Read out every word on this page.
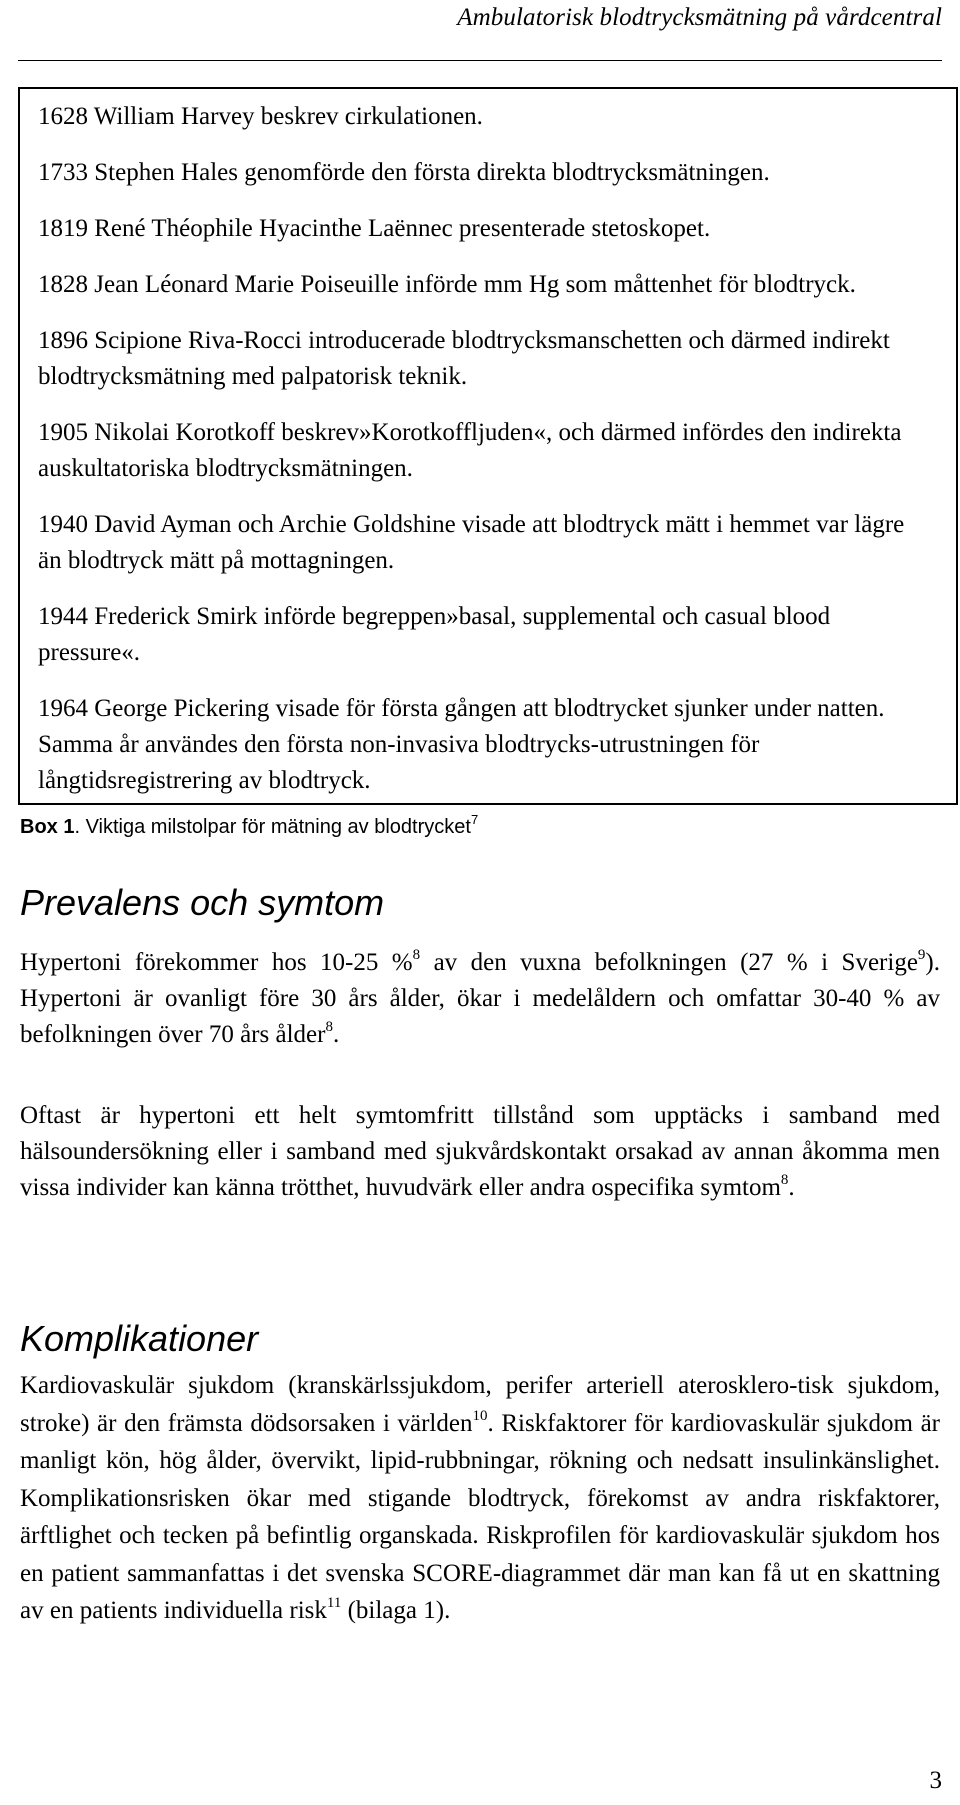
Ambulatorisk blodtrycksmätning på vårdcentral
1628 William Harvey beskrev cirkulationen.
1733 Stephen Hales genomförde den första direkta blodtrycksmätningen.
1819 René Théophile Hyacinthe Laënnec presenterade stetoskopet.
1828 Jean Léonard Marie Poiseuille införde mm Hg som måttenhet för blodtryck.
1896 Scipione Riva-Rocci introducerade blodtrycksmanschetten och därmed indirekt blodtrycksmätning med palpatorisk teknik.
1905 Nikolai Korotkoff beskrev»Korotkoffljuden«, och därmed infördes den indirekta auskultatoriska blodtrycksmätningen.
1940 David Ayman och Archie Goldshine visade att blodtryck mätt i hemmet var lägre än blodtryck mätt på mottagningen.
1944 Frederick Smirk införde begreppen»basal, supplemental och casual blood pressure«.
1964 George Pickering visade för första gången att blodtrycket sjunker under natten. Samma år användes den första non-invasiva blodtrycks-utrustningen för långtidsregistrering av blodtryck.
Box 1. Viktiga milstolpar för mätning av blodtrycket$^7$
Prevalens och symtom
Hypertoni förekommer hos 10-25 %$^8$ av den vuxna befolkningen (27 % i Sverige$^9$). Hypertoni är ovanligt före 30 års ålder, ökar i medelåldern och omfattar 30-40 % av befolkningen över 70 års ålder$^8$.
Oftast är hypertoni ett helt symtomfritt tillstånd som upptäcks i samband med hälsoundersökning eller i samband med sjukvårdskontakt orsakad av annan åkomma men vissa individer kan känna trötthet, huvudvärk eller andra ospecifika symtom$^8$.
Komplikationer
Kardiovaskulär sjukdom (kranskärlssjukdom, perifer arteriell aterosklero-tisk sjukdom, stroke) är den främsta dödsorsaken i världen$^{10}$. Riskfaktorer för kardiovaskulär sjukdom är manligt kön, hög ålder, övervikt, lipid-rubbningar, rökning och nedsatt insulinkänslighet. Komplikationsrisken ökar med stigande blodtryck, förekomst av andra riskfaktorer, ärftlighet och tecken på befintlig organskada. Riskprofilen för kardiovaskulär sjukdom hos en patient sammanfattas i det svenska SCORE-diagrammet där man kan få ut en skattning av en patients individuella risk$^{11}$ (bilaga 1).
3
